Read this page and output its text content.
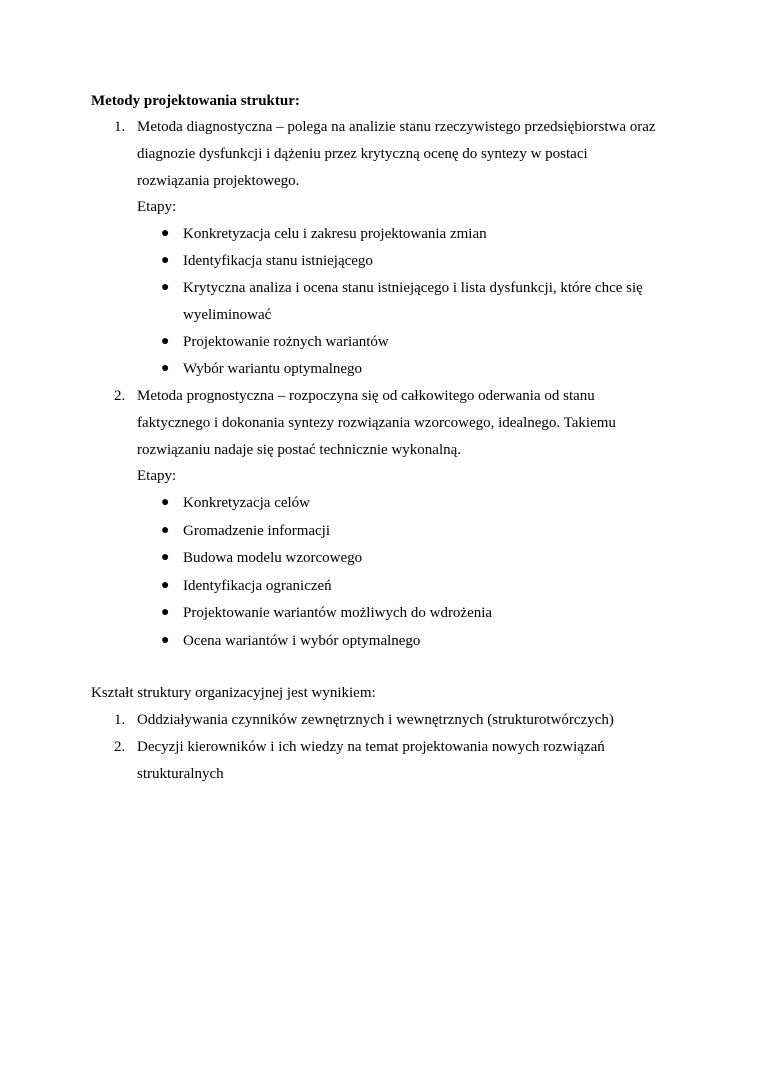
Metody projektowania struktur:
1. Metoda diagnostyczna – polega na analizie stanu rzeczywistego przedsiębiorstwa oraz
diagnozie dysfunkcji i dążeniu przez krytyczną ocenę do syntezy w postaci
rozwiązania projektowego.
Etapy:
● Konkretyzacja celu i zakresu projektowania zmian
● Identyfikacja stanu istniejącego
● Krytyczna analiza i ocena stanu istniejącego i lista dysfunkcji, które chce się
wyeliminować
● Projektowanie rożnych wariantów
● Wybór wariantu optymalnego
2. Metoda prognostyczna – rozpoczyna się od całkowitego oderwania od stanu
faktycznego i dokonania syntezy rozwiązania wzorcowego, idealnego. Takiemu
rozwiązaniu nadaje się postać technicznie wykonalną.
Etapy:
● Konkretyzacja celów
● Gromadzenie informacji
● Budowa modelu wzorcowego
● Identyfikacja ograniczeń
● Projektowanie wariantów możliwych do wdrożenia
● Ocena wariantów i wybór optymalnego
Kształt struktury organizacyjnej jest wynikiem:
1. Oddziaływania czynników zewnętrznych i wewnętrznych (strukturotwórczych)
2. Decyzji kierowników i ich wiedzy na temat projektowania nowych rozwiązań
strukturalnych
